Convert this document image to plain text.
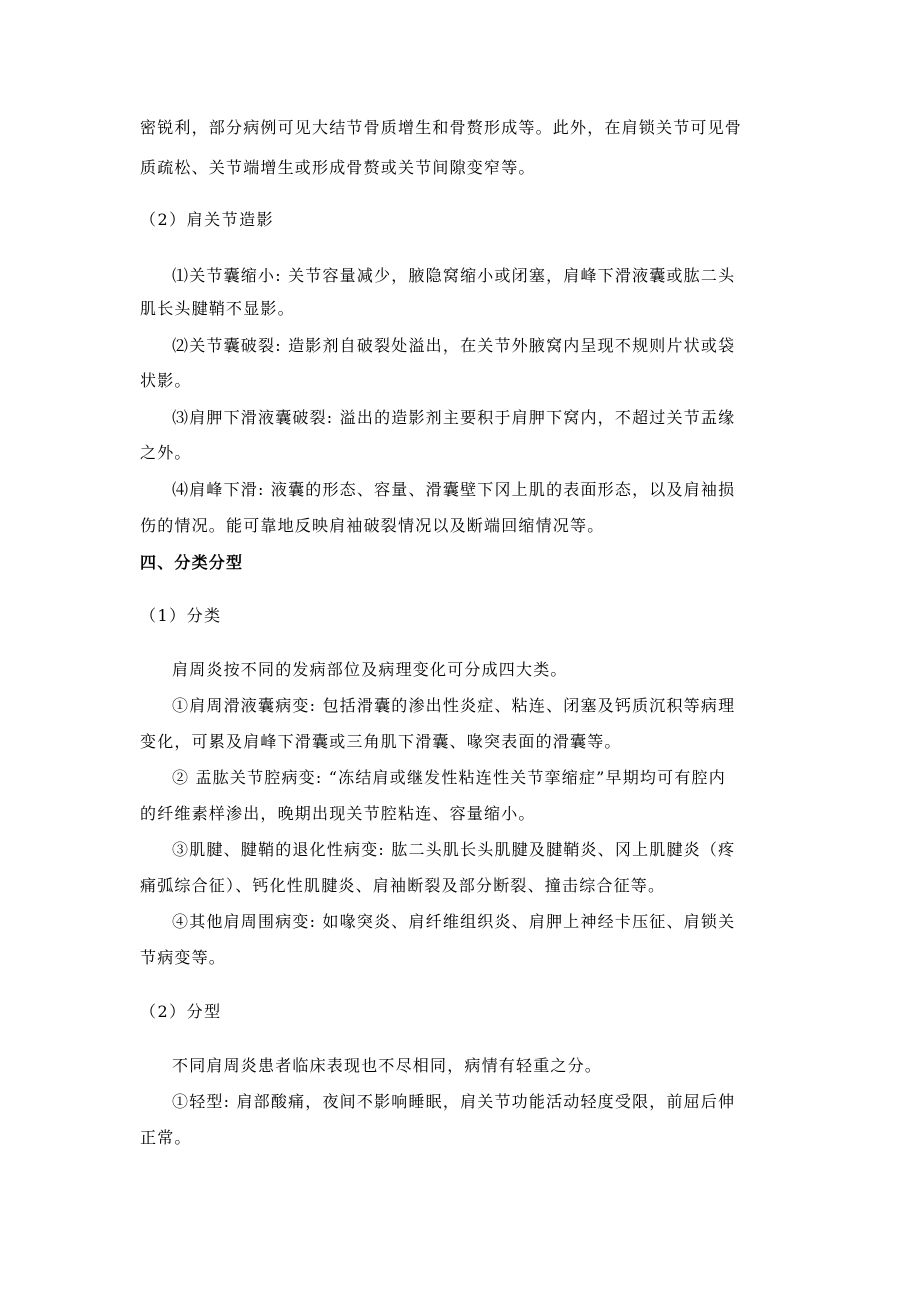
密锐利，部分病例可见大结节骨质增生和骨赘形成等。此外，在肩锁关节可见骨
质疏松、关节端增生或形成骨赘或关节间隙变窄等。
（2）肩关节造影
⑴关节囊缩小: 关节容量减少，腋隐窝缩小或闭塞，肩峰下滑液囊或肱二头
肌长头腱鞘不显影。
⑵关节囊破裂: 造影剂自破裂处溢出，在关节外腋窝内呈现不规则片状或袋
状影。
⑶肩胛下滑液囊破裂: 溢出的造影剂主要积于肩胛下窝内，不超过关节盂缘
之外。
⑷肩峰下滑: 液囊的形态、容量、滑囊壁下冈上肌的表面形态，以及肩袖损
伤的情况。能可靠地反映肩袖破裂情况以及断端回缩情况等。
四、分类分型
（1）分类
肩周炎按不同的发病部位及病理变化可分成四大类。
①肩周滑液囊病变: 包括滑囊的渗出性炎症、粘连、闭塞及钙质沉积等病理
变化，可累及肩峰下滑囊或三角肌下滑囊、喙突表面的滑囊等。
② 盂肱关节腔病变: “冻结肩或继发性粘连性关节挛缩症”早期均可有腔内
的纤维素样渗出，晚期出现关节腔粘连、容量缩小。
③肌腱、腱鞘的退化性病变: 肱二头肌长头肌腱及腱鞘炎、冈上肌腱炎（疼
痛弧综合征）、钙化性肌腱炎、肩袖断裂及部分断裂、撞击综合征等。
④其他肩周围病变: 如喙突炎、肩纤维组织炎、肩胛上神经卡压征、肩锁关
节病变等。
（2）分型
不同肩周炎患者临床表现也不尽相同，病情有轻重之分。
①轻型: 肩部酸痛，夜间不影响睡眠，肩关节功能活动轻度受限，前屈后伸
正常。
